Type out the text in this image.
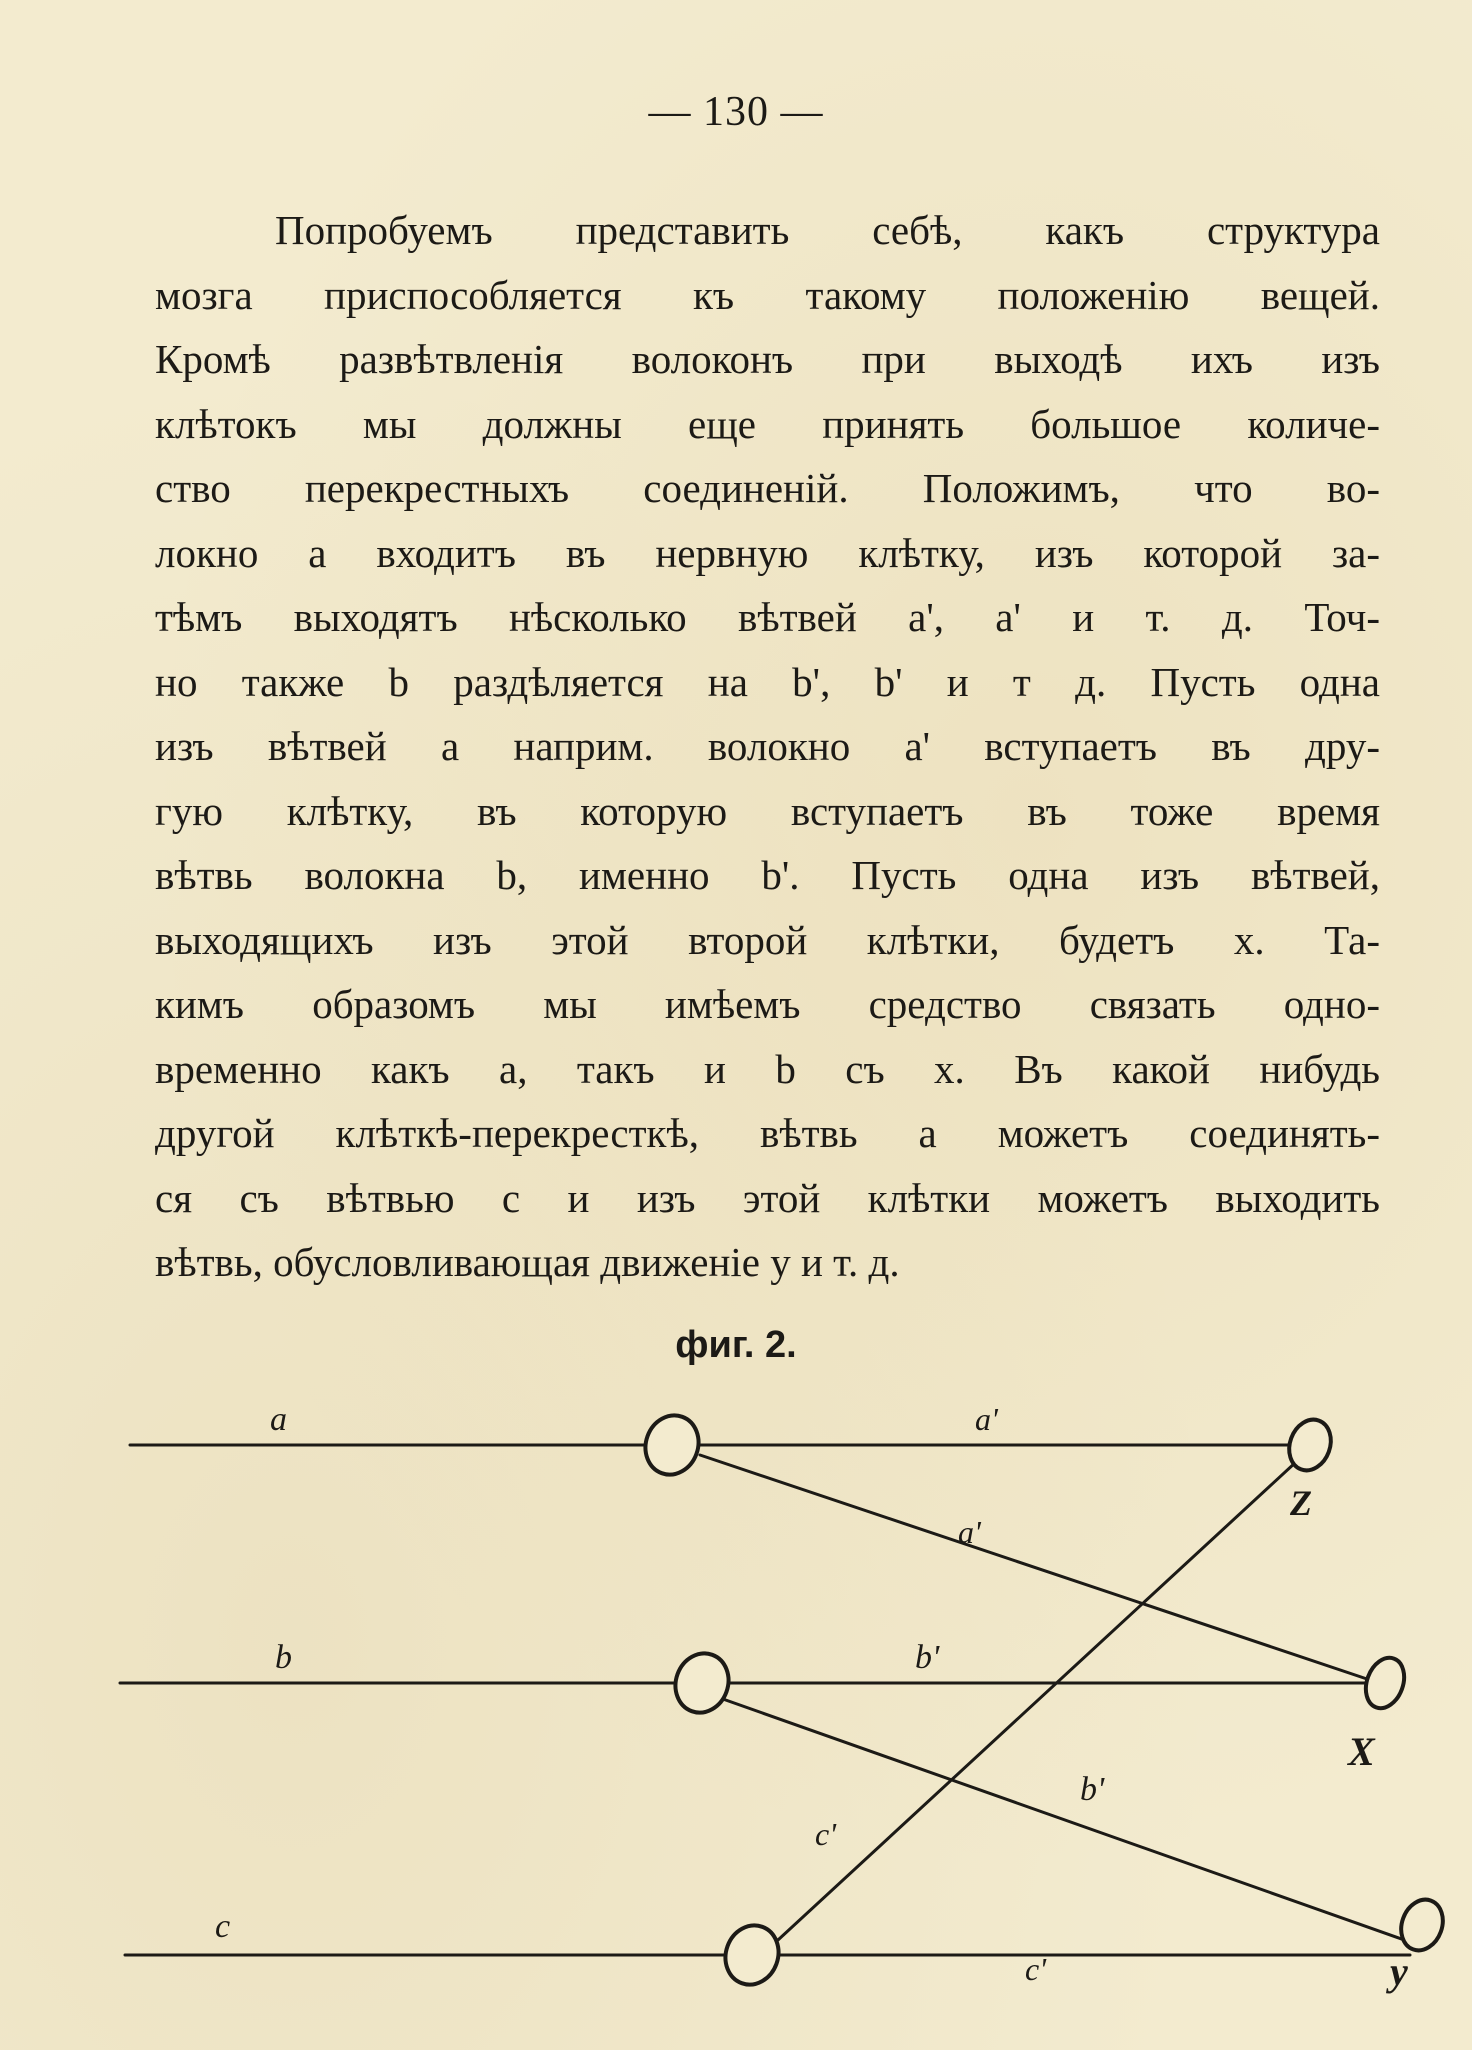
— 130 —
Попробуемъ представить себѣ, какъ структура
мозга приспособляется къ такому положенію вещей.
Кромѣ развѣтвленія волоконъ при выходѣ ихъ изъ
клѣтокъ мы должны еще принять большое количе-
ство перекрестныхъ соединеній. Положимъ, что во-
локно a входитъ въ нервную клѣтку, изъ которой за-
тѣмъ выходятъ нѣсколько вѣтвей a', a' и т. д. Точ-
но также b раздѣляется на b', b' и т д. Пусть одна
изъ вѣтвей a наприм. волокно a' вступаетъ въ дру-
гую клѣтку, въ которую вступаетъ въ тоже время
вѣтвь волокна b, именно b'. Пусть одна изъ вѣтвей,
выходящихъ изъ этой второй клѣтки, будетъ x. Та-
кимъ образомъ мы имѣемъ средство связать одно-
временно какъ a, такъ и b съ x. Въ какой нибудь
другой клѣткѣ-перекресткѣ, вѣтвь a можетъ соединять-
ся съ вѣтвью c и изъ этой клѣтки можетъ выходить
вѣтвь, обусловливающая движеніе y и т. д.
фиг. 2.
a	a'
a'
Z
b	b'
X
b'
c'
c
c'	y
